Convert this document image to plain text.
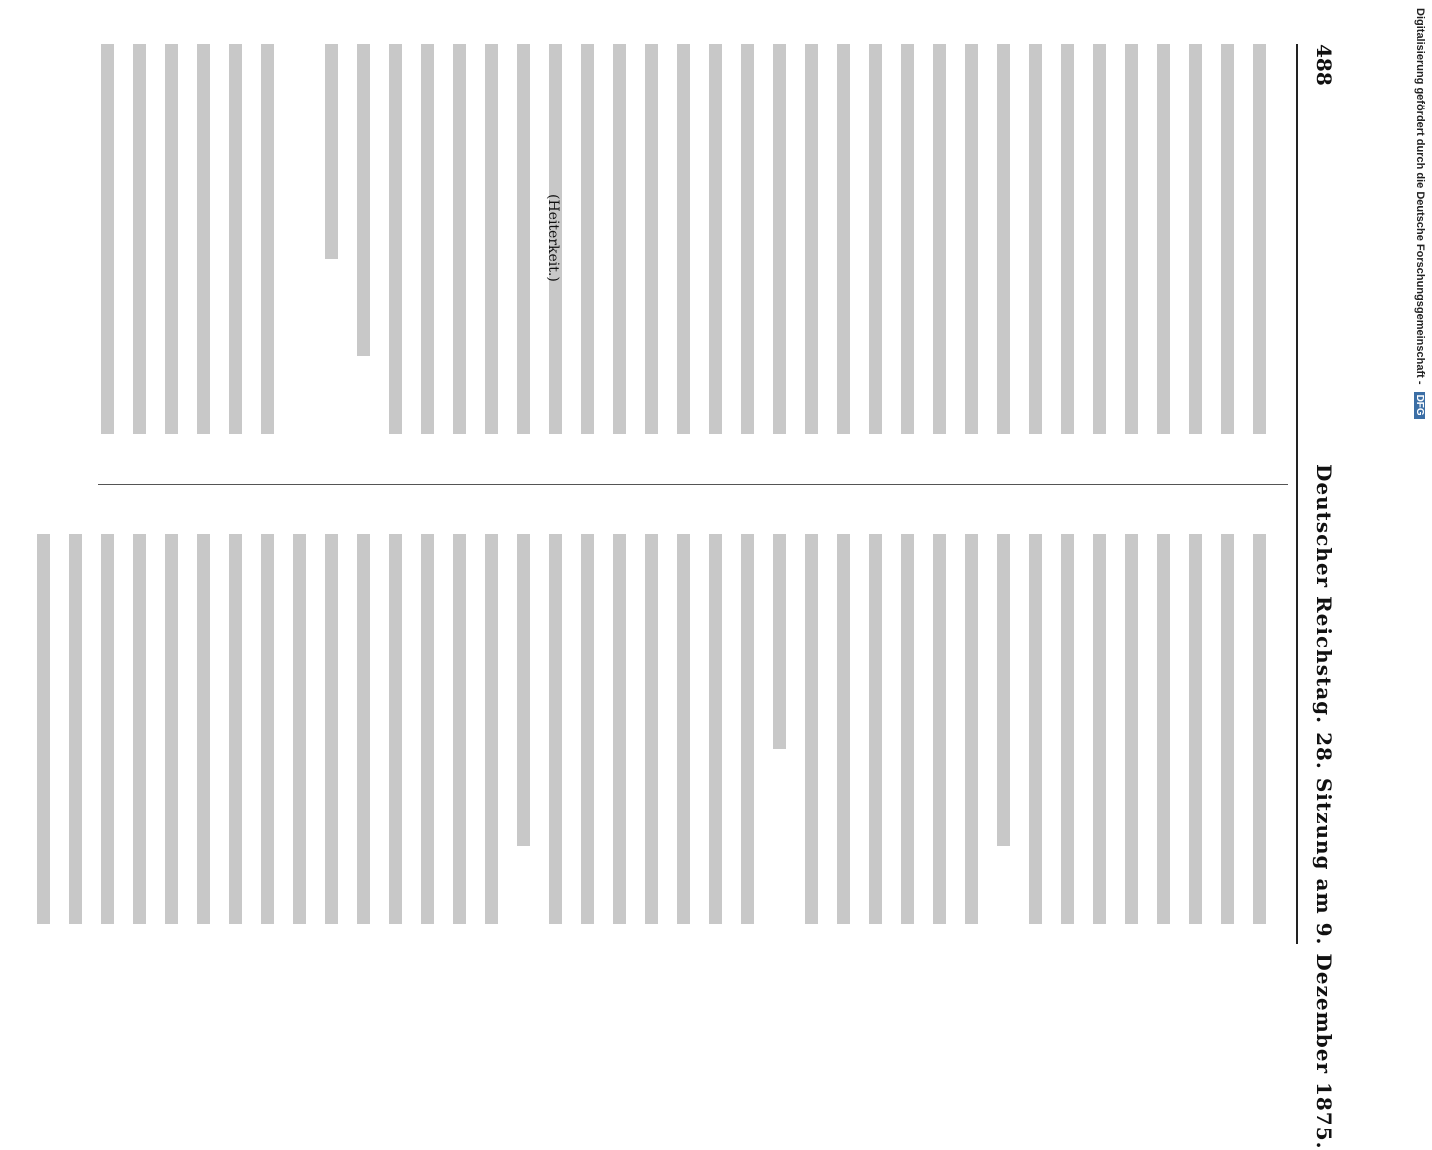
488
Deutscher Reichstag. 28. Sitzung am 9. Dezember 1875.
(Heiterkeit.)	Digitalisierung gefördert durch die Deutsche Forschungsgemeinschaft - DFG
